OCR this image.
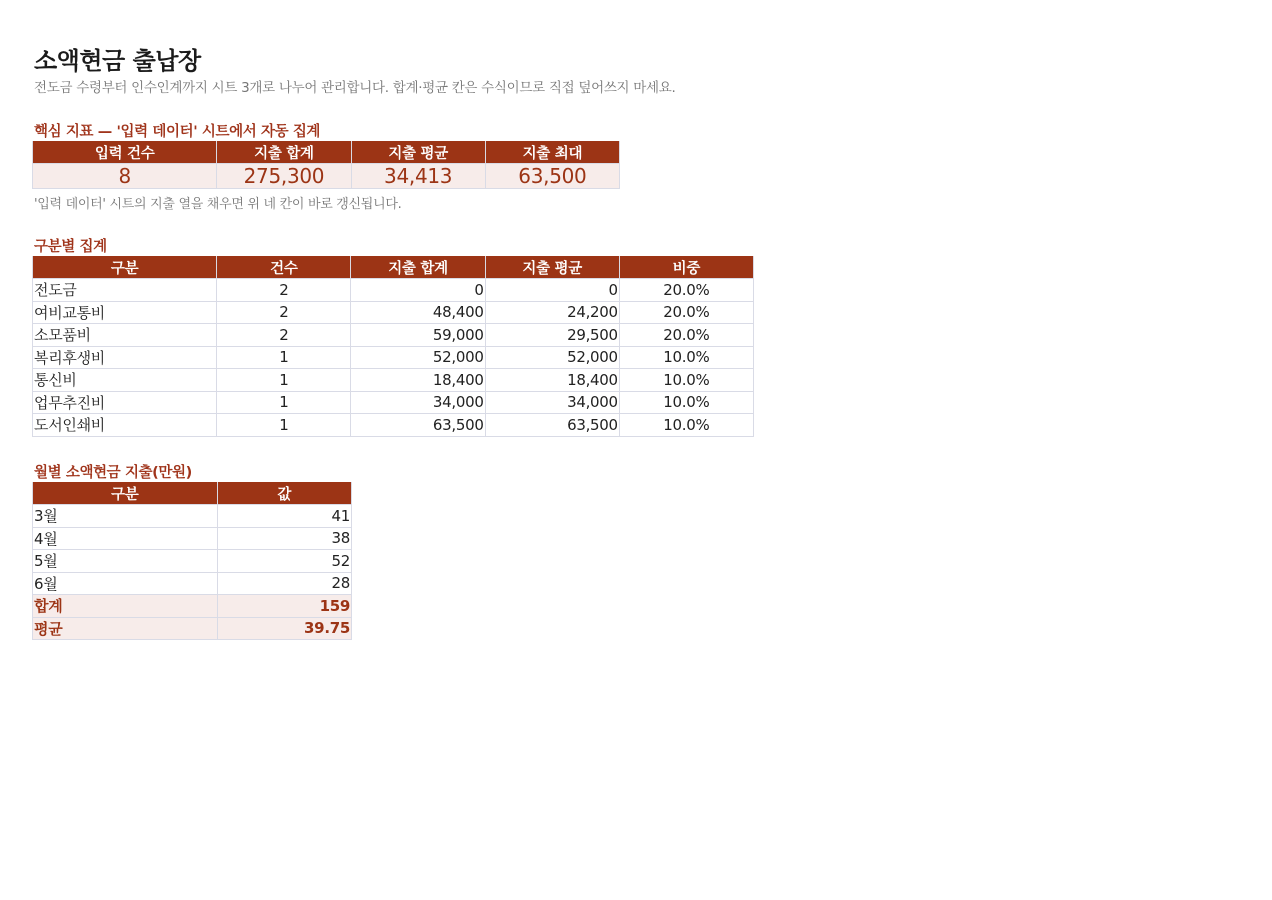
소액현금 출납장
전도금 수령부터 인수인계까지 시트 3개로 나누어 관리합니다. 합계·평균 칸은 수식이므로 직접 덮어쓰지 마세요.
핵심 지표 — '입력 데이터' 시트에서 자동 집계
입력 건수	지출 합계	지출 평균	지출 최대
8	275,300	34,413	63,500
'입력 데이터' 시트의 지출 열을 채우면 위 네 칸이 바로 갱신됩니다.
구분별 집계
구분	건수	지출 합계	지출 평균	비중
전도금	2	0	0	20.0%
여비교통비	2	48,400	24,200	20.0%
소모품비	2	59,000	29,500	20.0%
복리후생비	1	52,000	52,000	10.0%
통신비	1	18,400	18,400	10.0%
업무추진비	1	34,000	34,000	10.0%
도서인쇄비	1	63,500	63,500	10.0%
월별 소액현금 지출(만원)
구분	값
3월	41
4월	38
5월	52
6월	28
합계	159
평균	39.75
